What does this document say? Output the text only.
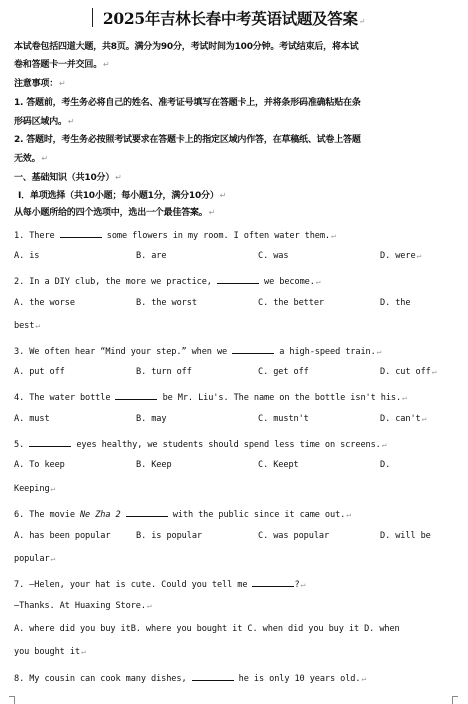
2025年吉林长春中考英语试题及答案↵
本试卷包括四道大题，共8页。满分为90分，考试时间为100分钟。考试结束后，将本试
卷和答题卡一并交回。↵
注意事项：↵
1. 答题前，考生务必将自己的姓名、准考证号填写在答题卡上，并将条形码准确粘贴在条
形码区域内。↵
2. 答题时，考生务必按照考试要求在答题卡上的指定区域内作答，在草稿纸、试卷上答题
无效。↵
一、基础知识（共10分）↵
Ⅰ．单项选择（共10小题；每小题1分，满分10分）↵
从每小题所给的四个选项中，选出一个最佳答案。↵
1. There	some flowers in my room. I often water them.↵
A. is	B. are	C. was	D. were↵
2. In a DIY club, the more we practice,	we become.↵
A. the worse	B. the worst	C. the better	D. the
best↵
3. We often hear “Mind your step.” when we	a high-speed train.↵
A. put off	B. turn off	C. get off	D. cut off↵
4. The water bottle	be Mr. Liu's. The name on the bottle isn't his.↵
A. must	B. may	C. mustn't	D. can't↵
5.	eyes healthy, we students should spend less time on screens.↵
A. To keep	B. Keep	C. Keept	D.
Keeping↵
6. The movie Ne Zha 2	with the public since it came out.↵
A. has been popular	B. is popular	C. was popular	D. will be
popular↵
7. —Helen, your hat is cute. Could you tell me	?↵
—Thanks. At Huaxing Store.↵
A. where did you buy itB. where you bought it C. when did you buy it D. when
you bought it↵
8. My cousin can cook many dishes,	he is only 10 years old.↵
